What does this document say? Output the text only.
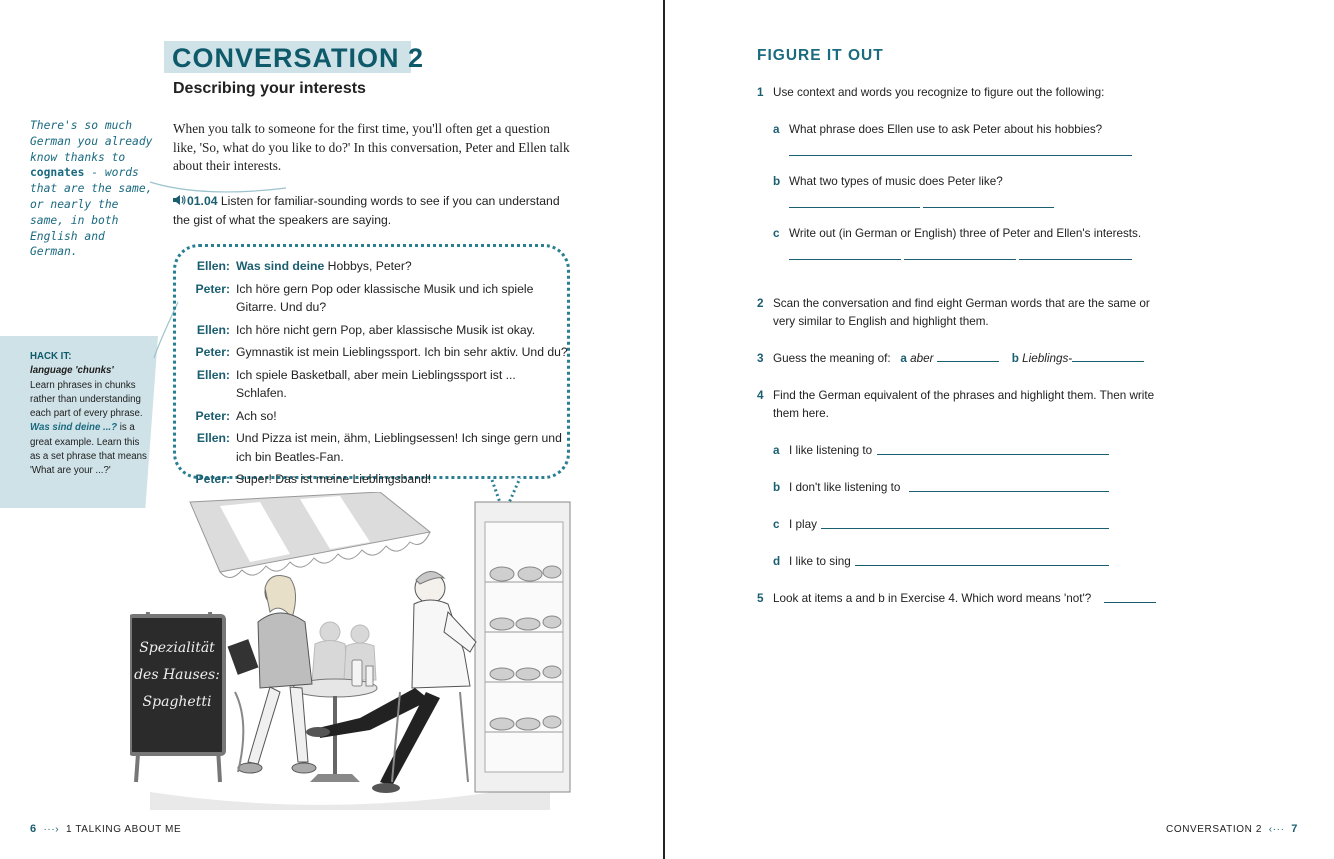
CONVERSATION 2
Describing your interests
There's so much German you already know thanks to cognates - words that are the same, or nearly the same, in both English and German.
When you talk to someone for the first time, you'll often get a question like, 'So, what do you like to do?' In this conversation, Peter and Ellen talk about their interests.
01.04 Listen for familiar-sounding words to see if you can understand the gist of what the speakers are saying.
HACK IT:
language 'chunks'
Learn phrases in chunks rather than understanding each part of every phrase. Was sind deine ...? is a great example. Learn this as a set phrase that means 'What are your ...?'
Ellen: Was sind deine Hobbys, Peter?
Peter: Ich höre gern Pop oder klassische Musik und ich spiele Gitarre. Und du?
Ellen: Ich höre nicht gern Pop, aber klassische Musik ist okay.
Peter: Gymnastik ist mein Lieblingssport. Ich bin sehr aktiv. Und du?
Ellen: Ich spiele Basketball, aber mein Lieblingssport ist ... Schlafen.
Peter: Ach so!
Ellen: Und Pizza ist mein, ähm, Lieblingsessen! Ich singe gern und ich bin Beatles-Fan.
Peter: Super! Das ist meine Lieblingsband!
Spezialität
des Hauses:
Spaghetti
6  ···›  1 TALKING ABOUT ME
FIGURE IT OUT
1 Use context and words you recognize to figure out the following:
a What phrase does Ellen use to ask Peter about his hobbies?
b What two types of music does Peter like?
c Write out (in German or English) three of Peter and Ellen's interests.
2 Scan the conversation and find eight German words that are the same or very similar to English and highlight them.
3 Guess the meaning of: a aber	b Lieblings-
4 Find the German equivalent of the phrases and highlight them. Then write them here.
a I like listening to
b I don't like listening to
c I play
d I like to sing
5 Look at items a and b in Exercise 4. Which word means 'not'?
CONVERSATION 2  ‹···  7
